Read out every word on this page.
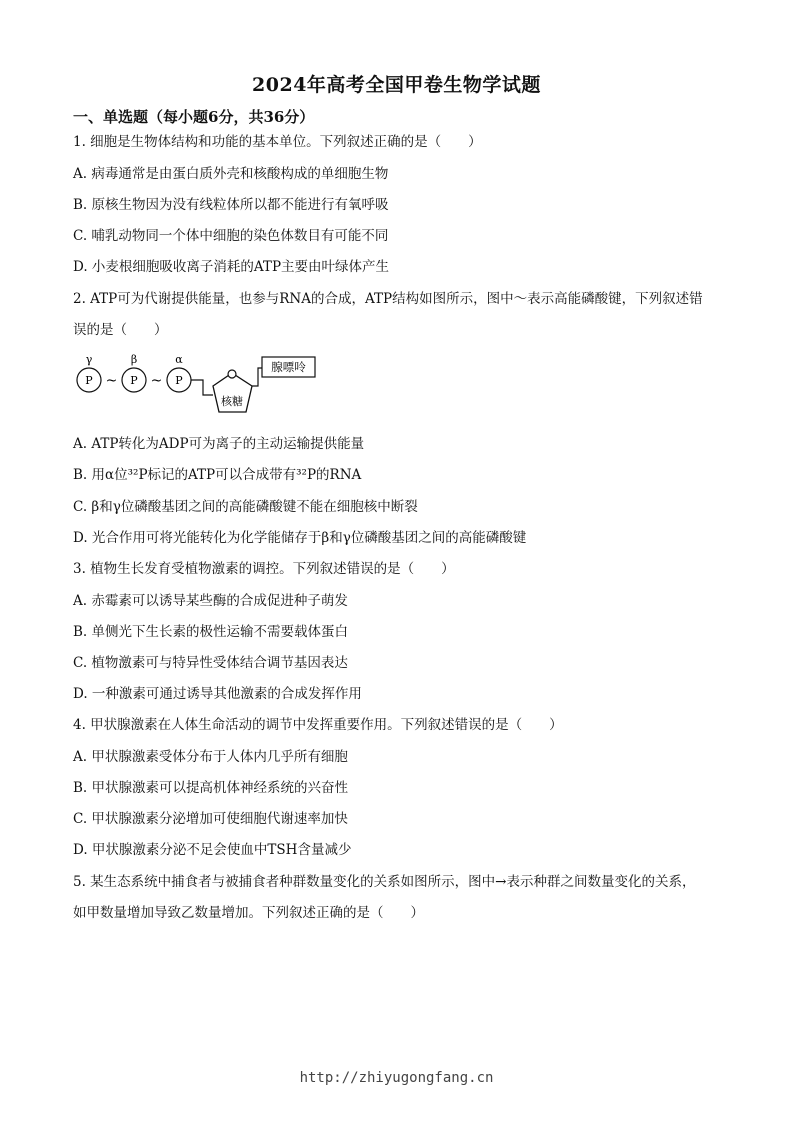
2024年高考全国甲卷生物学试题
一、单选题（每小题6分，共36分）
1. 细胞是生物体结构和功能的基本单位。下列叙述正确的是（　　）
A. 病毒通常是由蛋白质外壳和核酸构成的单细胞生物
B. 原核生物因为没有线粒体所以都不能进行有氧呼吸
C. 哺乳动物同一个体中细胞的染色体数目有可能不同
D. 小麦根细胞吸收离子消耗的ATP主要由叶绿体产生
2. ATP可为代谢提供能量，也参与RNA的合成，ATP结构如图所示，图中～表示高能磷酸键，下列叙述错
误的是（　　）
γ	β	α
P	P	P
~ ~
核糖
腺嘌呤
A. ATP转化为ADP可为离子的主动运输提供能量
B. 用α位³²P标记的ATP可以合成带有³²P的RNA
C. β和γ位磷酸基团之间的高能磷酸键不能在细胞核中断裂
D. 光合作用可将光能转化为化学能储存于β和γ位磷酸基团之间的高能磷酸键
3. 植物生长发育受植物激素的调控。下列叙述错误的是（　　）
A. 赤霉素可以诱导某些酶的合成促进种子萌发
B. 单侧光下生长素的极性运输不需要载体蛋白
C. 植物激素可与特异性受体结合调节基因表达
D. 一种激素可通过诱导其他激素的合成发挥作用
4. 甲状腺激素在人体生命活动的调节中发挥重要作用。下列叙述错误的是（　　）
A. 甲状腺激素受体分布于人体内几乎所有细胞
B. 甲状腺激素可以提高机体神经系统的兴奋性
C. 甲状腺激素分泌增加可使细胞代谢速率加快
D. 甲状腺激素分泌不足会使血中TSH含量减少
5. 某生态系统中捕食者与被捕食者种群数量变化的关系如图所示，图中→表示种群之间数量变化的关系，
如甲数量增加导致乙数量增加。下列叙述正确的是（　　）
http://zhiyugongfang.cn
